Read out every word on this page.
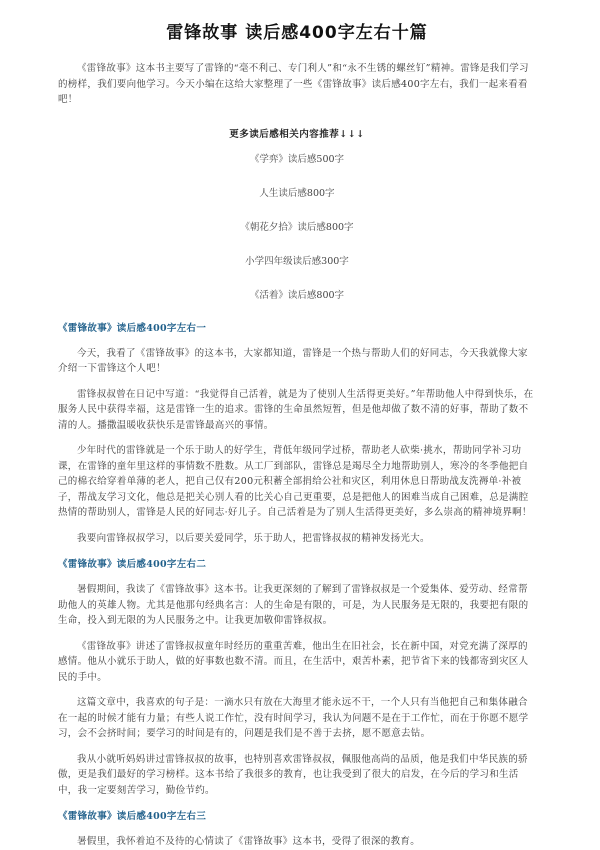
雷锋故事 读后感400字左右十篇

《雷锋故事》这本书主要写了雷锋的“毫不利己、专门利人”和“永不生锈的螺丝钉”精神。雷锋是我们学习的榜样，我们要向他学习。今天小编在这给大家整理了一些《雷锋故事》读后感400字左右，我们一起来看看吧！

更多读后感相关内容推荐↓↓↓
《学弈》读后感500字
人生读后感800字
《朝花夕拾》读后感800字
小学四年级读后感300字
《活着》读后感800字
《雷锋故事》读后感400字左右一

今天，我看了《雷锋故事》的这本书，大家都知道，雷锋是一个热与帮助人们的好同志，今天我就像大家介绍一下雷锋这个人吧！

雷锋叔叔曾在日记中写道：“我觉得自己活着，就是为了使别人生活得更美好。”年帮助他人中得到快乐，在服务人民中获得幸福，这是雷锋一生的追求。雷锋的生命虽然短暂，但是他却做了数不清的好事，帮助了数不清的人。播撒温暖收获快乐是雷锋最高兴的事情。

少年时代的雷锋就是一个乐于助人的好学生，背低年级同学过桥，帮助老人砍柴·挑水，帮助同学补习功课，在雷锋的童年里这样的事情数不胜数。从工厂到部队，雷锋总是竭尽全力地帮助别人，寒冷的冬季他把自己的棉衣给穿着单薄的老人，把自己仅有200元积蓄全部捐给公社和灾区，利用休息日帮助战友洗褥单·补被子，帮战友学习文化，他总是把关心别人看的比关心自己更重要，总是把他人的困难当成自己困难，总是满腔热情的帮助别人，雷锋是人民的好同志·好儿子。自己活着是为了别人生活得更美好，多么崇高的精神境界啊！

我要向雷锋叔叔学习，以后要关爱同学，乐于助人，把雷锋叔叔的精神发扬光大。

《雷锋故事》读后感400字左右二

暑假期间，我读了《雷锋故事》这本书。让我更深刻的了解到了雷锋叔叔是一个爱集体、爱劳动、经常帮助他人的英雄人物。尤其是他那句经典名言：人的生命是有限的，可是，为人民服务是无限的，我要把有限的生命，投入到无限的为人民服务之中。让我更加敬仰雷锋叔叔。

《雷锋故事》讲述了雷锋叔叔童年时经历的重重苦难，他出生在旧社会，长在新中国，对党充满了深厚的感情。他从小就乐于助人，做的好事数也数不清。而且，在生活中，艰苦朴素，把节省下来的钱都寄到灾区人民的手中。

这篇文章中，我喜欢的句子是：一滴水只有放在大海里才能永远不干，一个人只有当他把自己和集体融合在一起的时候才能有力量；有些人说工作忙，没有时间学习，我认为问题不是在于工作忙，而在于你愿不愿学习，会不会挤时间；要学习的时间是有的，问题是我们是不善于去挤，愿不愿意去钻。

我从小就听妈妈讲过雷锋叔叔的故事，也特别喜欢雷锋叔叔，佩服他高尚的品质，他是我们中华民族的骄傲，更是我们最好的学习榜样。这本书给了我很多的教育，也让我受到了很大的启发，在今后的学习和生活中，我一定要刻苦学习，勤俭节约。

《雷锋故事》读后感400字左右三

暑假里，我怀着迫不及待的心情读了《雷锋故事》这本书，受得了很深的教育。
